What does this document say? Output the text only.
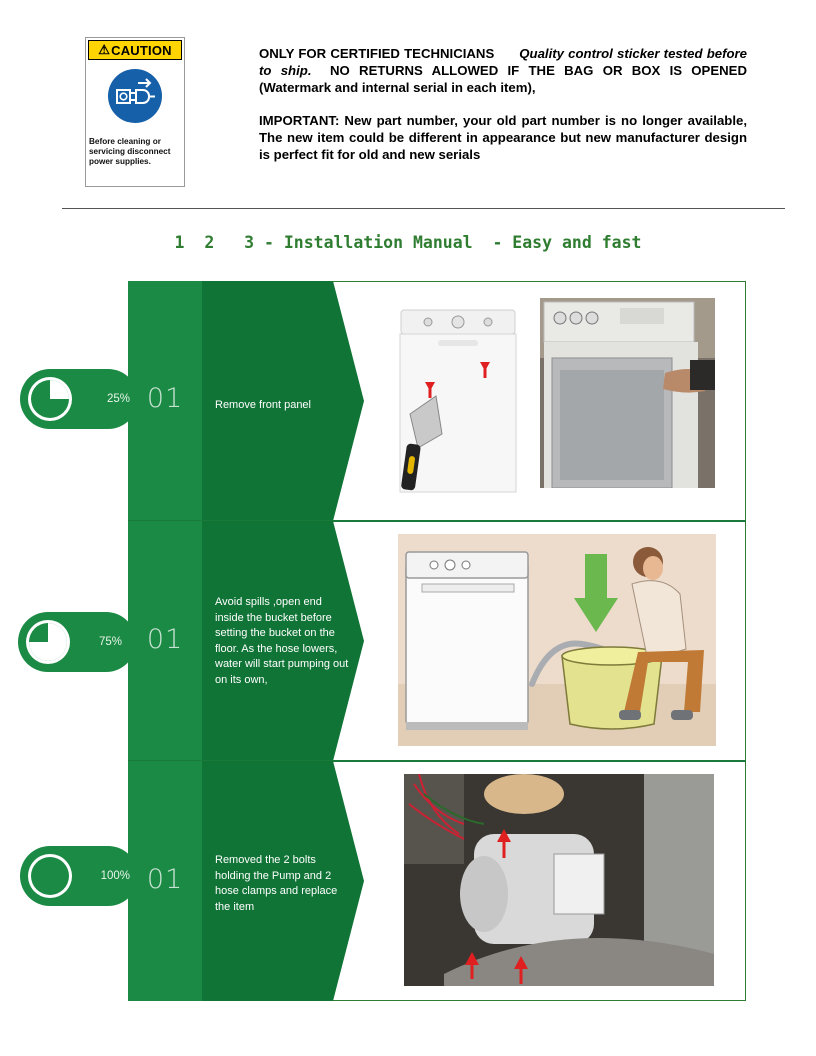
⚠ CAUTION
Before cleaning or servicing disconnect power supplies.

ONLY FOR CERTIFIED TECHNICIANS Quality control sticker tested before to ship. NO RETURNS ALLOWED IF THE BAG OR BOX IS OPENED (Watermark and internal serial in each item),

IMPORTANT: New part number, your old part number is no longer available, The new item could be different in appearance but new manufacturer design is perfect fit for old and new serials

1 2 3 - Installation Manual  - Easy and fast
01	Remove front panel
25%
01
Avoid spills ,open end inside the bucket before setting the bucket on the floor. As the hose lowers, water will start pumping out on its own,
75%
01
Removed the 2 bolts holding the Pump and 2 hose clamps and replace the item
100%
